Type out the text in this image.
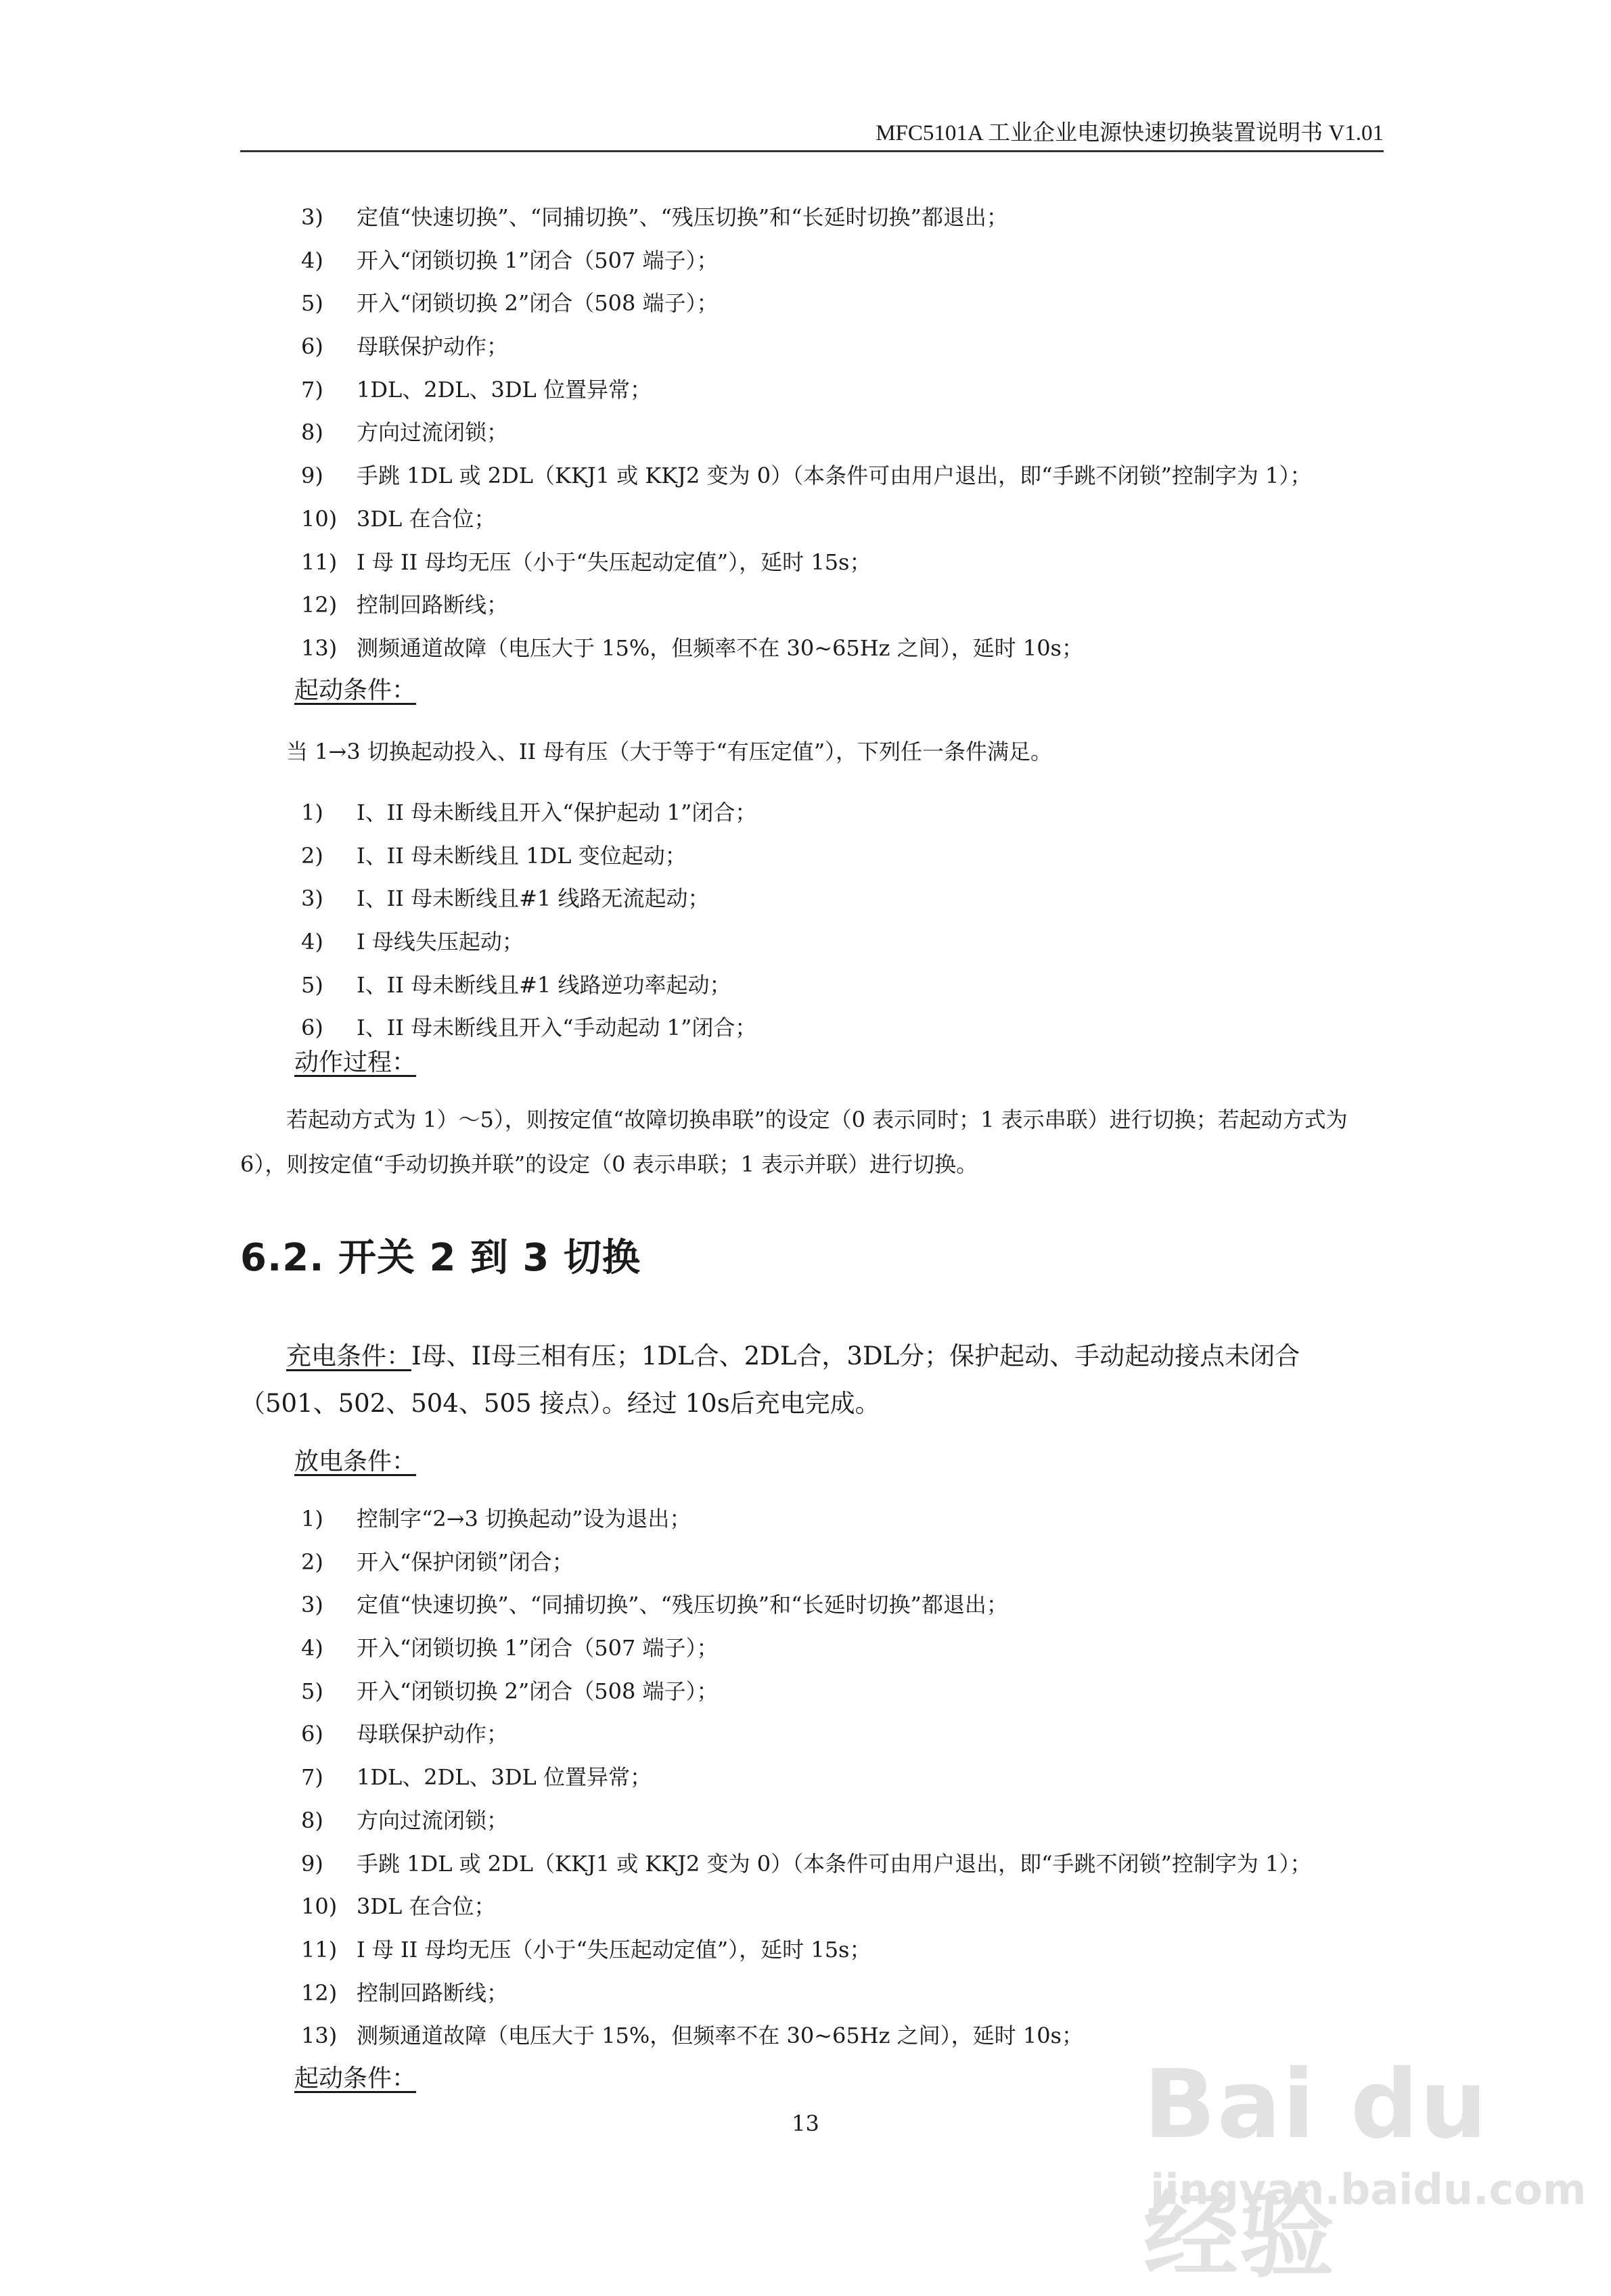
MFC5101A 工业企业电源快速切换装置说明书 V1.01
3) 定值“快速切换”、“同捕切换”、“残压切换”和“长延时切换”都退出；
4) 开入“闭锁切换 1”闭合（507 端子）；
5) 开入“闭锁切换 2”闭合（508 端子）；
6) 母联保护动作；
7) 1DL、2DL、3DL 位置异常；
8) 方向过流闭锁；
9) 手跳 1DL 或 2DL（KKJ1 或 KKJ2 变为 0）（本条件可由用户退出，即“手跳不闭锁”控制字为 1）；
10) 3DL 在合位；
11) I 母 II 母均无压（小于“失压起动定值”），延时 15s；
12) 控制回路断线；
13) 测频通道故障（电压大于 15%，但频率不在 30~65Hz 之间），延时 10s；
起动条件：

当 1→3 切换起动投入、II 母有压（大于等于“有压定值”），下列任一条件满足。

1) I、II 母未断线且开入“保护起动 1”闭合；
2) I、II 母未断线且 1DL 变位起动；
3) I、II 母未断线且#1 线路无流起动；
4) I 母线失压起动；
5) I、II 母未断线且#1 线路逆功率起动；
6) I、II 母未断线且开入“手动起动 1”闭合；
动作过程：

若起动方式为 1）～5），则按定值“故障切换串联”的设定（0 表示同时；1 表示串联）进行切换；若起动方式为 6），则按定值“手动切换并联”的设定（0 表示串联；1 表示并联）进行切换。

6.2. 开关 2 到 3 切换

充电条件：I母、II母三相有压；1DL合、2DL合，3DL分；保护起动、手动起动接点未闭合（501、502、504、505 接点）。经过 10s后充电完成。

放电条件：
1) 控制字“2→3 切换起动”设为退出；
2) 开入“保护闭锁”闭合；
3) 定值“快速切换”、“同捕切换”、“残压切换”和“长延时切换”都退出；
4) 开入“闭锁切换 1”闭合（507 端子）；
5) 开入“闭锁切换 2”闭合（508 端子）；
6) 母联保护动作；
7) 1DL、2DL、3DL 位置异常；
8) 方向过流闭锁；
9) 手跳 1DL 或 2DL（KKJ1 或 KKJ2 变为 0）（本条件可由用户退出，即“手跳不闭锁”控制字为 1）；
10) 3DL 在合位；
11) I 母 II 母均无压（小于“失压起动定值”），延时 15s；
12) 控制回路断线；
13) 测频通道故障（电压大于 15%，但频率不在 30~65Hz 之间），延时 10s；
起动条件：
13	Bai du 经验
jingyan.baidu.com
